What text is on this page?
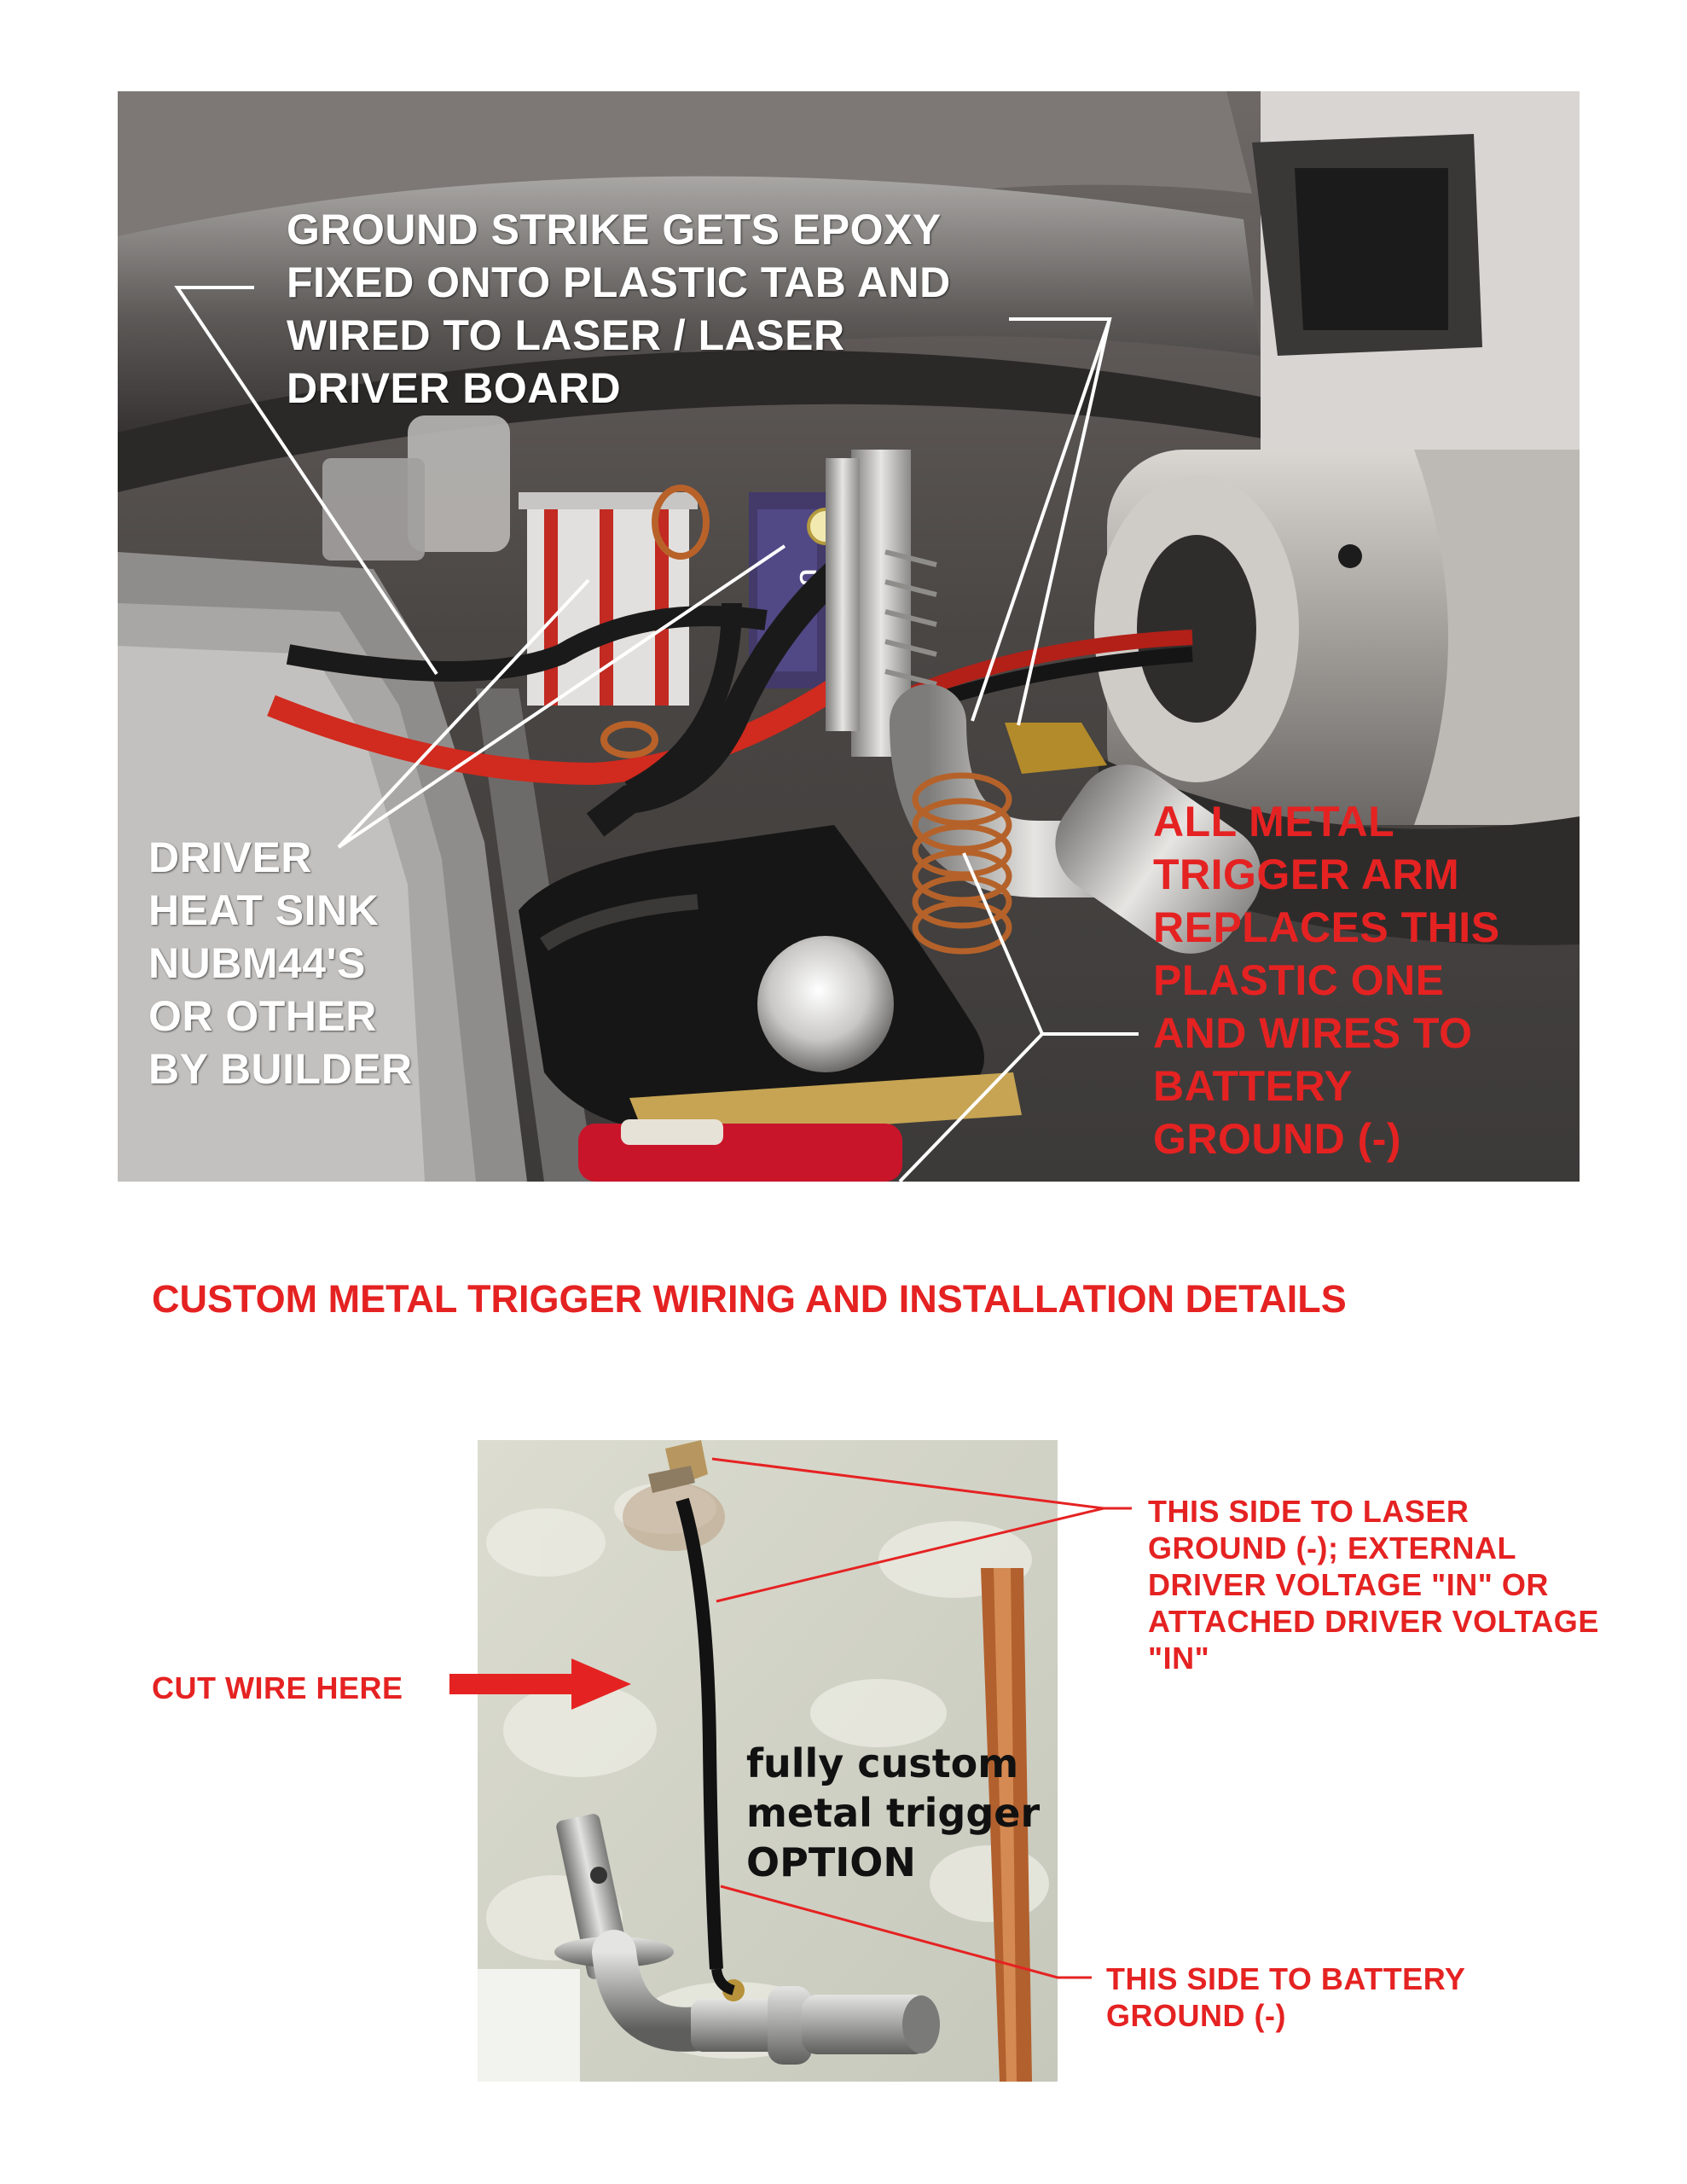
U+
GROUND STRIKE GETS EPOXY
FIXED ONTO PLASTIC TAB AND
WIRED TO LASER / LASER
DRIVER BOARD
DRIVER
HEAT SINK
NUBM44'S
OR OTHER
BY BUILDER
ALL METAL
TRIGGER ARM
REPLACES THIS
PLASTIC ONE
AND WIRES TO
BATTERY
GROUND (-)
CUSTOM METAL TRIGGER WIRING AND INSTALLATION DETAILS
THIS SIDE TO LASER
GROUND (-); EXTERNAL
DRIVER VOLTAGE "IN" OR
ATTACHED DRIVER VOLTAGE
"IN"
CUT WIRE HERE
fully custom
metal trigger
OPTION
THIS SIDE TO BATTERY
GROUND (-)
